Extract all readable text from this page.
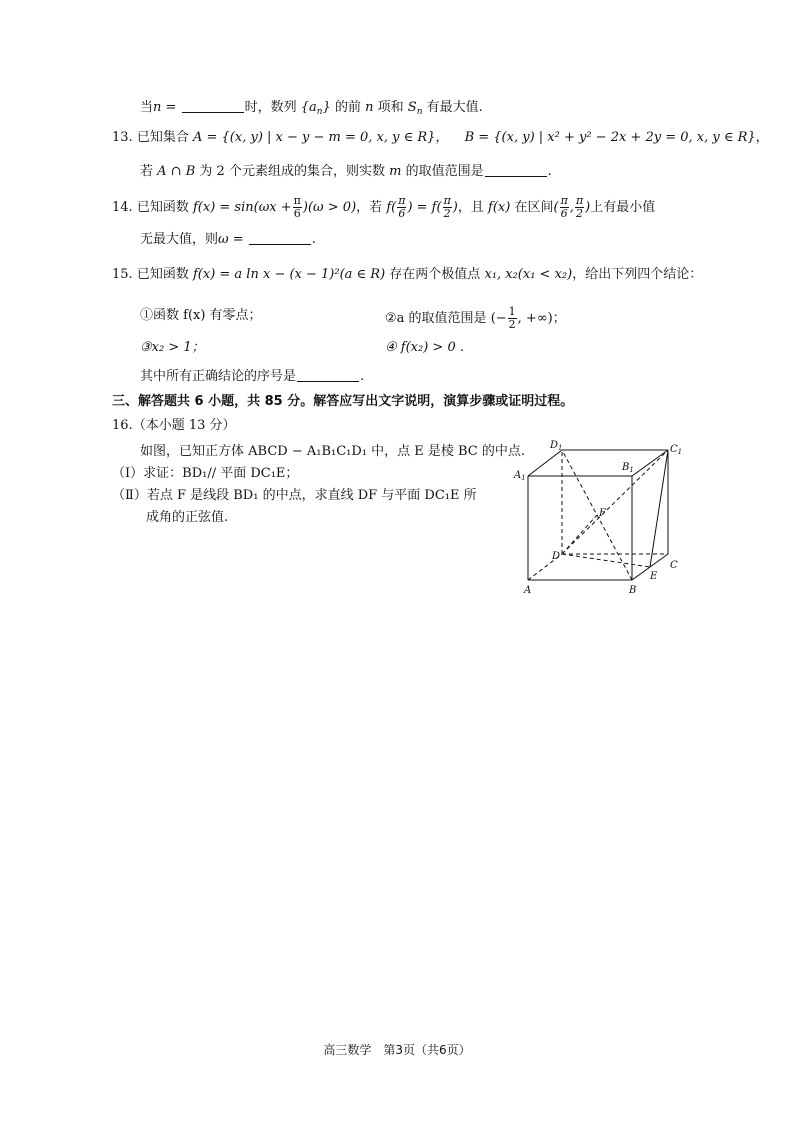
当n =	时，数列 $\{a_n\}$ 的前 n 项和 $S_n$ 有最大值.
13. 已知集合 A = {(x, y) | x − y − m = 0, x, y ∈ R}， B = {(x, y) | x² + y² − 2x + 2y = 0, x, y ∈ R}，
若 A ∩ B 为 2 个元素组成的集合，则实数 m 的取值范围是	.
14. 已知函数 $f(x) = \sin(\omega x + \frac{\pi}{6} )(\omega > 0)$，若 $f( \frac{\pi}{6}$ ) = $f( \frac{\pi}{2}$ )，且 f(x) 在区间( $\frac{\pi}{6}$ , $\frac{\pi}{2}$ )上有最小值
无最大值，则ω =	.
15. 已知函数 f(x) = a ln x − (x − 1)²(a ∈ R) 存在两个极值点 x₁, x₂(x₁ < x₂)，给出下列四个结论：
①函数 f(x) 有零点；	②a 的取值范围是 (− $\frac{1}{2}$ , +∞)；
③x₂ > 1；	④ f(x₂) > 0 .
其中所有正确结论的序号是	.
三、解答题共 6 小题，共 85 分。解答应写出文字说明，演算步骤或证明过程。
16.（本小题 13 分）
如图，已知正方体 ABCD − A₁B₁C₁D₁ 中，点 E 是棱 BC 的中点.
（Ⅰ）求证：BD₁// 平面 DC₁E；
（Ⅱ）若点 F 是线段 BD₁ 的中点，求直线 DF 与平面 DC₁E 所
成角的正弦值.
$D_1$	$C_1$
$B_1$
$A_1$
F
D
C
E
A	B
高三数学　第3页（共6页）
